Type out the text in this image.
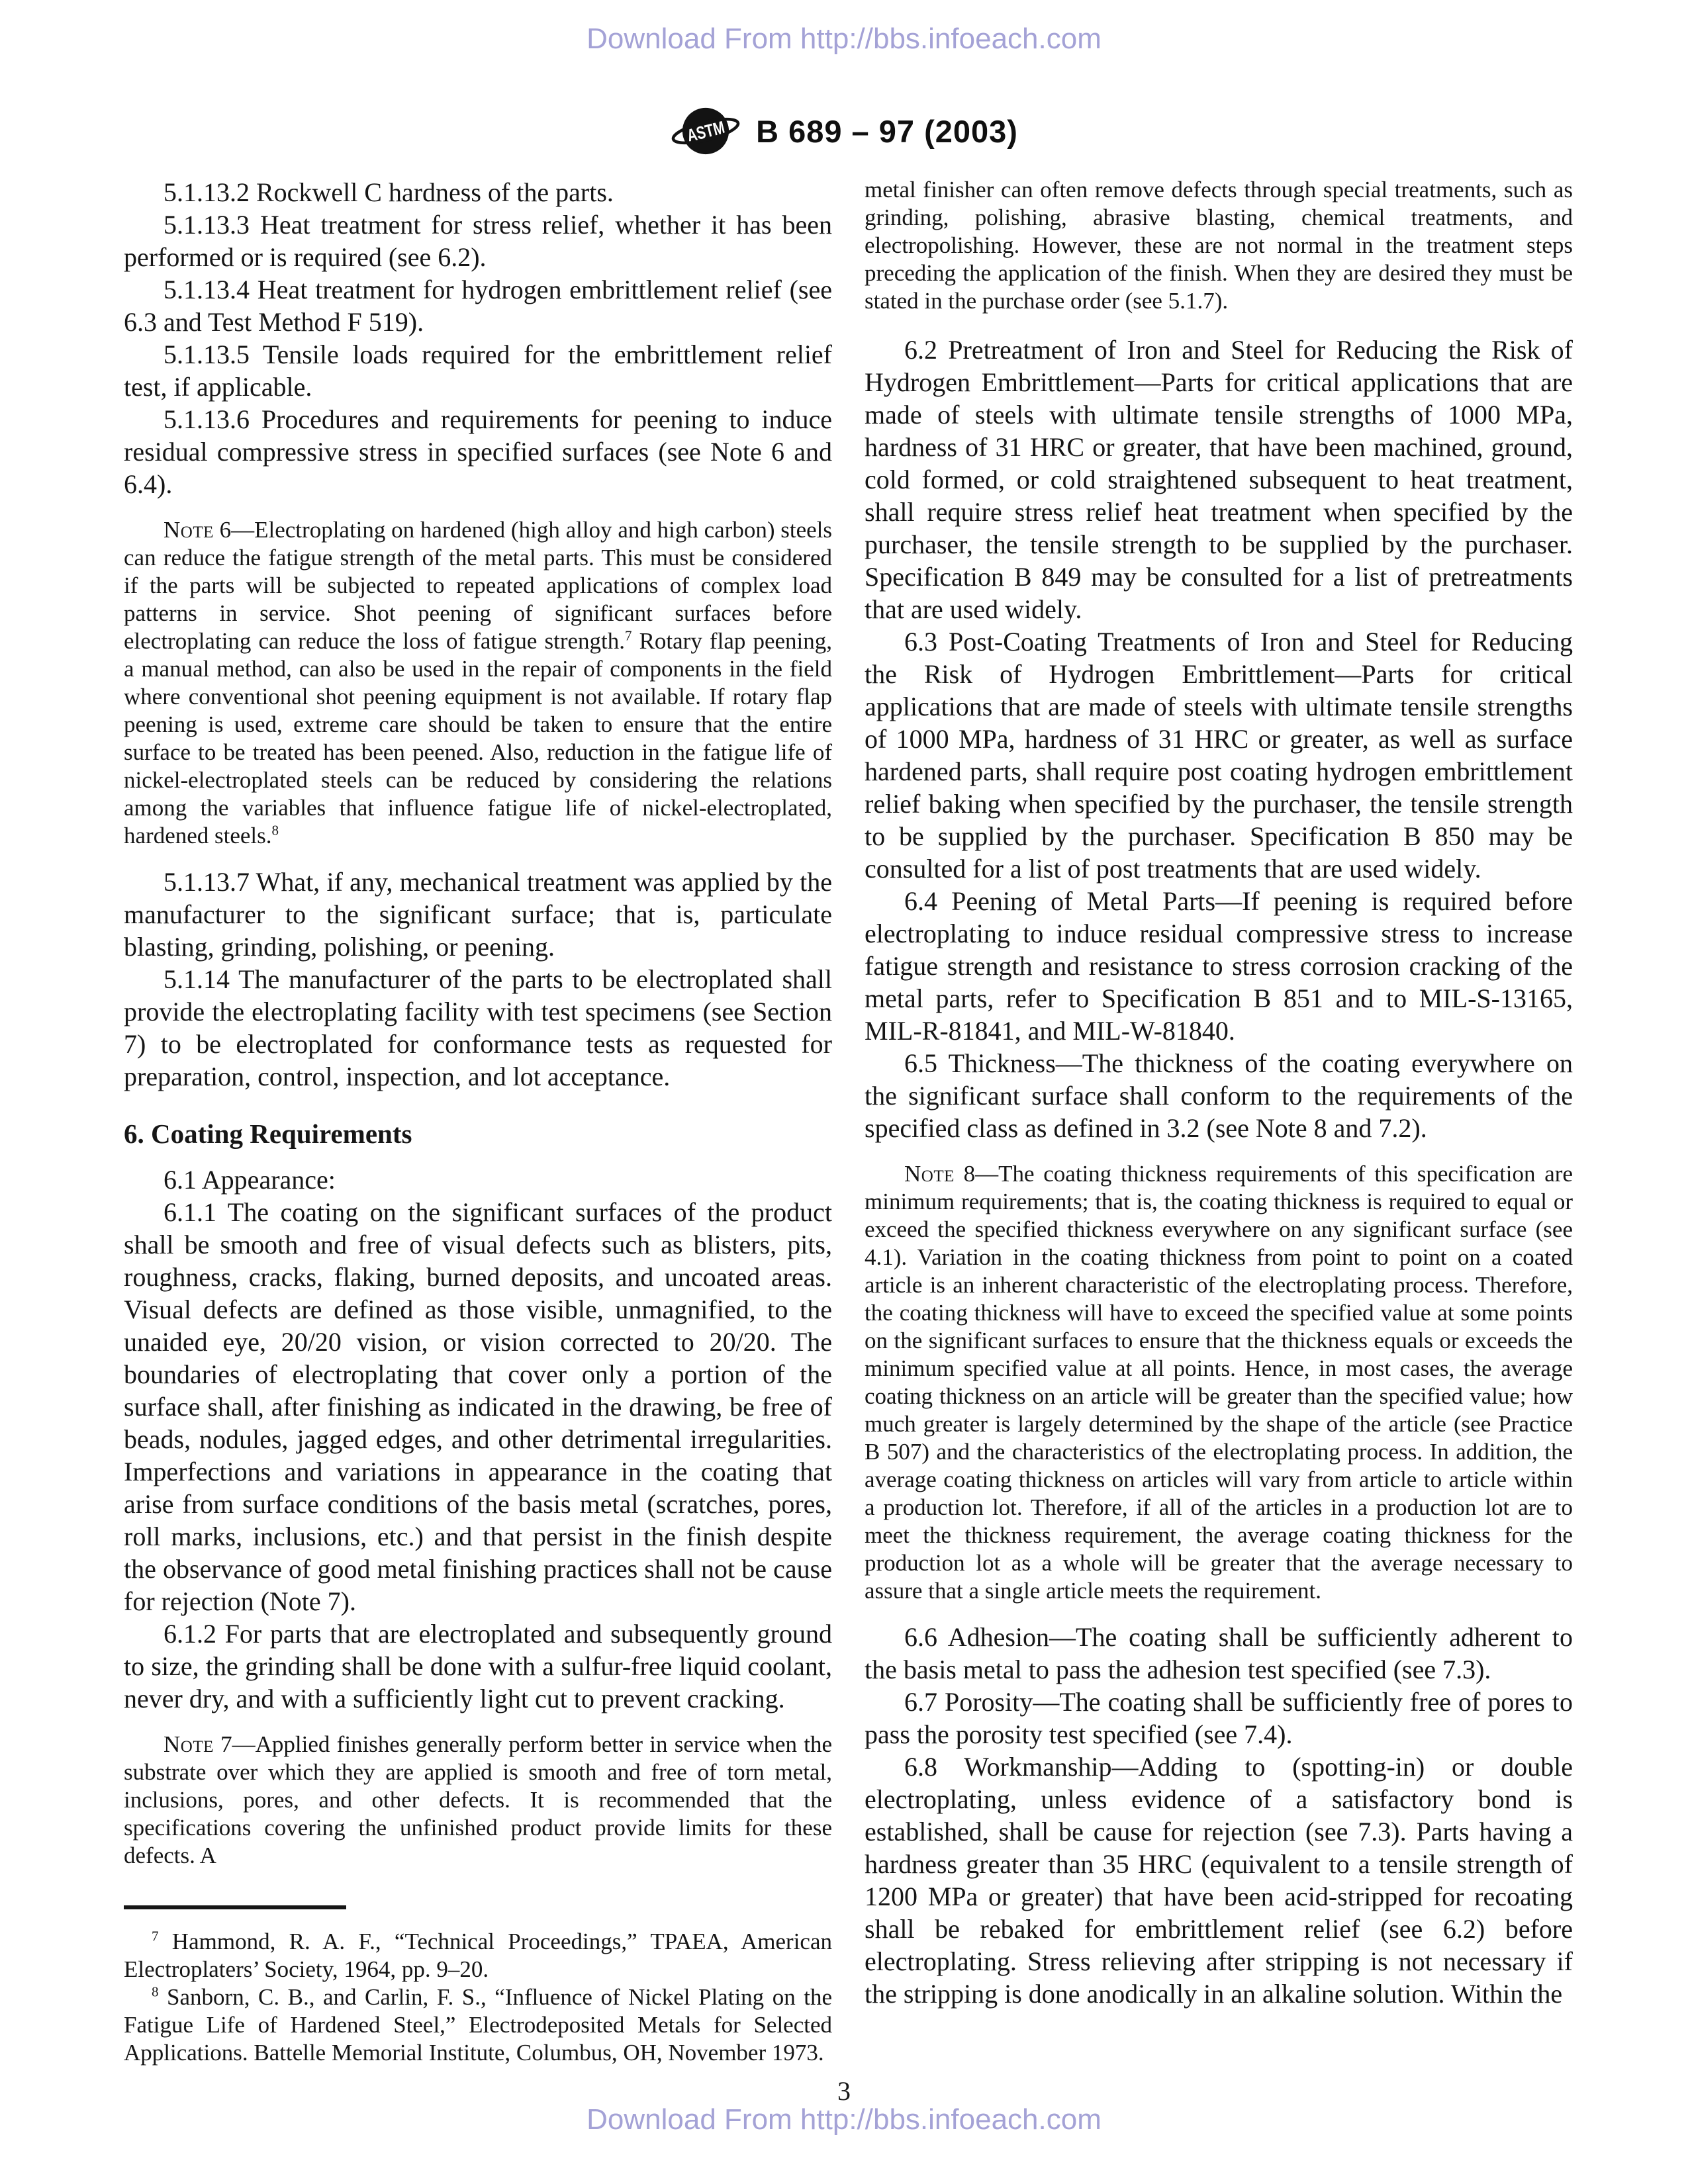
Download From http://bbs.infoeach.com
ASTM B 689 – 97 (2003)

5.1.13.2 Rockwell C hardness of the parts.

5.1.13.3 Heat treatment for stress relief, whether it has been performed or is required (see 6.2).

5.1.13.4 Heat treatment for hydrogen embrittlement relief (see 6.3 and Test Method F 519).

5.1.13.5 Tensile loads required for the embrittlement relief test, if applicable.

5.1.13.6 Procedures and requirements for peening to induce residual compressive stress in specified surfaces (see Note 6 and 6.4).

Note 6—Electroplating on hardened (high alloy and high carbon) steels can reduce the fatigue strength of the metal parts. This must be considered if the parts will be subjected to repeated applications of complex load patterns in service. Shot peening of significant surfaces before electroplating can reduce the loss of fatigue strength.$^7$ Rotary flap peening, a manual method, can also be used in the repair of components in the field where conventional shot peening equipment is not available. If rotary flap peening is used, extreme care should be taken to ensure that the entire surface to be treated has been peened. Also, reduction in the fatigue life of nickel-electroplated steels can be reduced by considering the relations among the variables that influence fatigue life of nickel-electroplated, hardened steels.$^8$

5.1.13.7 What, if any, mechanical treatment was applied by the manufacturer to the significant surface; that is, particulate blasting, grinding, polishing, or peening.

5.1.14 The manufacturer of the parts to be electroplated shall provide the electroplating facility with test specimens (see Section 7) to be electroplated for conformance tests as requested for preparation, control, inspection, and lot acceptance.

6. Coating Requirements

6.1 Appearance:

6.1.1 The coating on the significant surfaces of the product shall be smooth and free of visual defects such as blisters, pits, roughness, cracks, flaking, burned deposits, and uncoated areas. Visual defects are defined as those visible, unmagnified, to the unaided eye, 20/20 vision, or vision corrected to 20/20. The boundaries of electroplating that cover only a portion of the surface shall, after finishing as indicated in the drawing, be free of beads, nodules, jagged edges, and other detrimental irregularities. Imperfections and variations in appearance in the coating that arise from surface conditions of the basis metal (scratches, pores, roll marks, inclusions, etc.) and that persist in the finish despite the observance of good metal finishing practices shall not be cause for rejection (Note 7).

6.1.2 For parts that are electroplated and subsequently ground to size, the grinding shall be done with a sulfur-free liquid coolant, never dry, and with a sufficiently light cut to prevent cracking.

Note 7—Applied finishes generally perform better in service when the substrate over which they are applied is smooth and free of torn metal, inclusions, pores, and other defects. It is recommended that the specifications covering the unfinished product provide limits for these defects. A

$^7$ Hammond, R. A. F., “Technical Proceedings,” TPAEA, American Electroplaters’ Society, 1964, pp. 9–20.

$^8$ Sanborn, C. B., and Carlin, F. S., “Influence of Nickel Plating on the Fatigue Life of Hardened Steel,” Electrodeposited Metals for Selected Applications. Battelle Memorial Institute, Columbus, OH, November 1973.

metal finisher can often remove defects through special treatments, such as grinding, polishing, abrasive blasting, chemical treatments, and electropolishing. However, these are not normal in the treatment steps preceding the application of the finish. When they are desired they must be stated in the purchase order (see 5.1.7).

6.2 Pretreatment of Iron and Steel for Reducing the Risk of Hydrogen Embrittlement—Parts for critical applications that are made of steels with ultimate tensile strengths of 1000 MPa, hardness of 31 HRC or greater, that have been machined, ground, cold formed, or cold straightened subsequent to heat treatment, shall require stress relief heat treatment when specified by the purchaser, the tensile strength to be supplied by the purchaser. Specification B 849 may be consulted for a list of pretreatments that are used widely.

6.3 Post-Coating Treatments of Iron and Steel for Reducing the Risk of Hydrogen Embrittlement—Parts for critical applications that are made of steels with ultimate tensile strengths of 1000 MPa, hardness of 31 HRC or greater, as well as surface hardened parts, shall require post coating hydrogen embrittlement relief baking when specified by the purchaser, the tensile strength to be supplied by the purchaser. Specification B 850 may be consulted for a list of post treatments that are used widely.

6.4 Peening of Metal Parts—If peening is required before electroplating to induce residual compressive stress to increase fatigue strength and resistance to stress corrosion cracking of the metal parts, refer to Specification B 851 and to MIL-S-13165, MIL-R-81841, and MIL-W-81840.

6.5 Thickness—The thickness of the coating everywhere on the significant surface shall conform to the requirements of the specified class as defined in 3.2 (see Note 8 and 7.2).

Note 8—The coating thickness requirements of this specification are minimum requirements; that is, the coating thickness is required to equal or exceed the specified thickness everywhere on any significant surface (see 4.1). Variation in the coating thickness from point to point on a coated article is an inherent characteristic of the electroplating process. Therefore, the coating thickness will have to exceed the specified value at some points on the significant surfaces to ensure that the thickness equals or exceeds the minimum specified value at all points. Hence, in most cases, the average coating thickness on an article will be greater than the specified value; how much greater is largely determined by the shape of the article (see Practice B 507) and the characteristics of the electroplating process. In addition, the average coating thickness on articles will vary from article to article within a production lot. Therefore, if all of the articles in a production lot are to meet the thickness requirement, the average coating thickness for the production lot as a whole will be greater that the average necessary to assure that a single article meets the requirement.

6.6 Adhesion—The coating shall be sufficiently adherent to the basis metal to pass the adhesion test specified (see 7.3).

6.7 Porosity—The coating shall be sufficiently free of pores to pass the porosity test specified (see 7.4).

6.8 Workmanship—Adding to (spotting-in) or double electroplating, unless evidence of a satisfactory bond is established, shall be cause for rejection (see 7.3). Parts having a hardness greater than 35 HRC (equivalent to a tensile strength of 1200 MPa or greater) that have been acid-stripped for recoating shall be rebaked for embrittlement relief (see 6.2) before electroplating. Stress relieving after stripping is not necessary if the stripping is done anodically in an alkaline solution. Within the

3
Download From http://bbs.infoeach.com
